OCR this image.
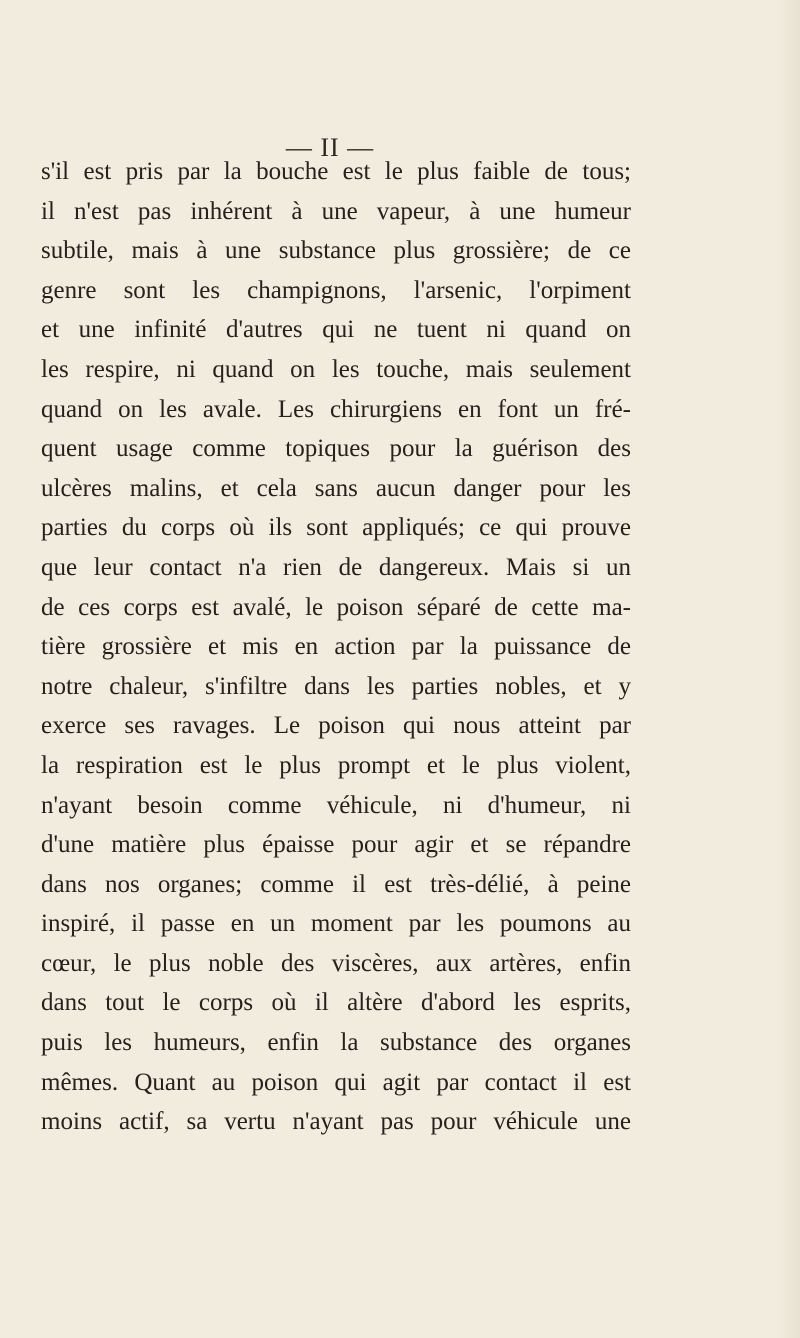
— II —
s'il est pris par la bouche est le plus faible de tous;
il n'est pas inhérent à une vapeur, à une humeur
subtile, mais à une substance plus grossière; de ce
genre sont les champignons, l'arsenic, l'orpiment
et une infinité d'autres qui ne tuent ni quand on
les respire, ni quand on les touche, mais seulement
quand on les avale. Les chirurgiens en font un fré-
quent usage comme topiques pour la guérison des
ulcères malins, et cela sans aucun danger pour les
parties du corps où ils sont appliqués; ce qui prouve
que leur contact n'a rien de dangereux. Mais si un
de ces corps est avalé, le poison séparé de cette ma-
tière grossière et mis en action par la puissance de
notre chaleur, s'infiltre dans les parties nobles, et y
exerce ses ravages. Le poison qui nous atteint par
la respiration est le plus prompt et le plus violent,
n'ayant besoin comme véhicule, ni d'humeur, ni
d'une matière plus épaisse pour agir et se répandre
dans nos organes; comme il est très-délié, à peine
inspiré, il passe en un moment par les poumons au
cœur, le plus noble des viscères, aux artères, enfin
dans tout le corps où il altère d'abord les esprits,
puis les humeurs, enfin la substance des organes
mêmes. Quant au poison qui agit par contact il est
moins actif, sa vertu n'ayant pas pour véhicule une
